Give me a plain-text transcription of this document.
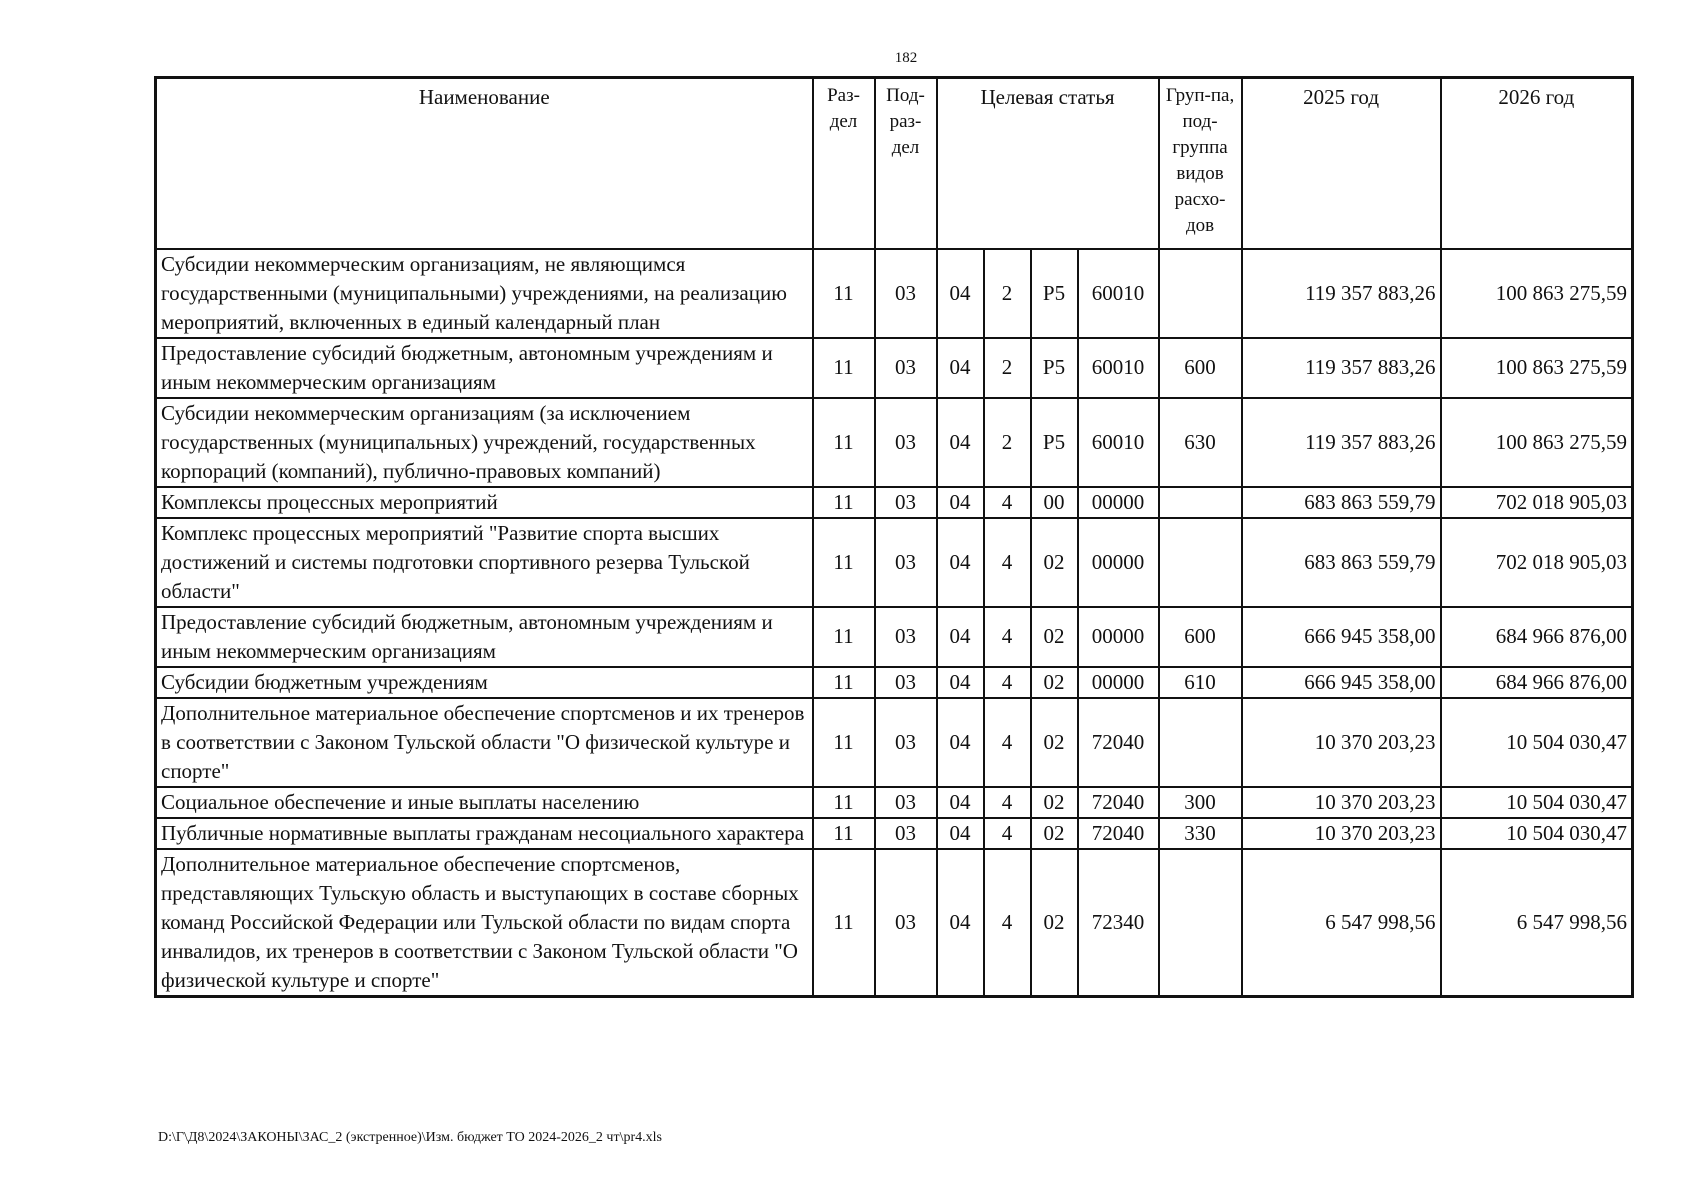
182
Наименование	Раз-дел	Под-раз-дел	Целевая статья				Груп-па, под-группа видов расхо-дов	2025 год	2026 год
Субсидии некоммерческим организациям, не являющимся государственными (муниципальными) учреждениями, на реализацию мероприятий, включенных в единый календарный план	11	03	04	2	P5	60010		119 357 883,26	100 863 275,59
Предоставление субсидий бюджетным, автономным учреждениям и иным некоммерческим организациям	11	03	04	2	P5	60010	600	119 357 883,26	100 863 275,59
Субсидии некоммерческим организациям (за исключением государственных (муниципальных) учреждений, государственных корпораций (компаний), публично-правовых компаний)	11	03	04	2	P5	60010	630	119 357 883,26	100 863 275,59
Комплексы процессных мероприятий	11	03	04	4	00	00000		683 863 559,79	702 018 905,03
Комплекс процессных мероприятий "Развитие спорта высших достижений и системы подготовки спортивного резерва Тульской области"	11	03	04	4	02	00000		683 863 559,79	702 018 905,03
Предоставление субсидий бюджетным, автономным учреждениям и иным некоммерческим организациям	11	03	04	4	02	00000	600	666 945 358,00	684 966 876,00
Субсидии бюджетным учреждениям	11	03	04	4	02	00000	610	666 945 358,00	684 966 876,00
Дополнительное материальное обеспечение спортсменов и их тренеров в соответствии с Законом Тульской области "О физической культуре и спорте"	11	03	04	4	02	72040		10 370 203,23	10 504 030,47
Социальное обеспечение и иные выплаты населению	11	03	04	4	02	72040	300	10 370 203,23	10 504 030,47
Публичные нормативные выплаты гражданам несоциального характера	11	03	04	4	02	72040	330	10 370 203,23	10 504 030,47
Дополнительное материальное обеспечение спортсменов, представляющих Тульскую область и выступающих в составе сборных команд Российской Федерации или Тульской области по видам спорта инвалидов, их тренеров в соответствии с Законом Тульской области "О физической культуре и спорте"	11	03	04	4	02	72340		6 547 998,56	6 547 998,56
D:\Г\Д8\2024\ЗАКОНЫ\ЗАС_2 (экстренное)\Изм. бюджет ТО 2024-2026_2 чт\pr4.xls
